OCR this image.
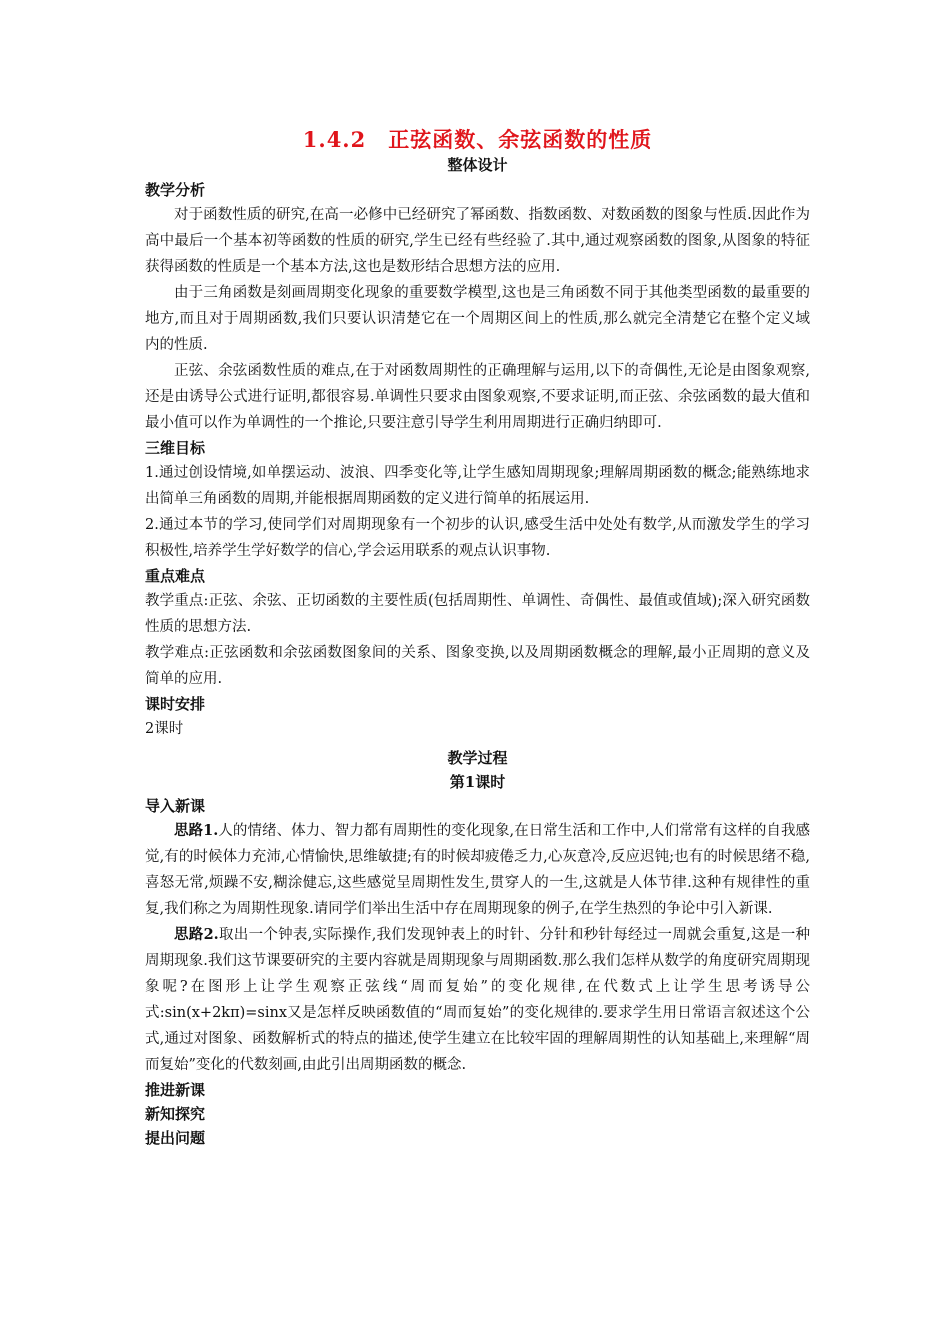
1.4.2　正弦函数、余弦函数的性质
整体设计
教学分析

对于函数性质的研究,在高一必修中已经研究了幂函数、指数函数、对数函数的图象与性质.因此作为高中最后一个基本初等函数的性质的研究,学生已经有些经验了.其中,通过观察函数的图象,从图象的特征获得函数的性质是一个基本方法,这也是数形结合思想方法的应用.

由于三角函数是刻画周期变化现象的重要数学模型,这也是三角函数不同于其他类型函数的最重要的地方,而且对于周期函数,我们只要认识清楚它在一个周期区间上的性质,那么就完全清楚它在整个定义域内的性质.

正弦、余弦函数性质的难点,在于对函数周期性的正确理解与运用,以下的奇偶性,无论是由图象观察,还是由诱导公式进行证明,都很容易.单调性只要求由图象观察,不要求证明,而正弦、余弦函数的最大值和最小值可以作为单调性的一个推论,只要注意引导学生利用周期进行正确归纳即可.

三维目标

1.通过创设情境,如单摆运动、波浪、四季变化等,让学生感知周期现象;理解周期函数的概念;能熟练地求出简单三角函数的周期,并能根据周期函数的定义进行简单的拓展运用.

2.通过本节的学习,使同学们对周期现象有一个初步的认识,感受生活中处处有数学,从而激发学生的学习积极性,培养学生学好数学的信心,学会运用联系的观点认识事物.

重点难点

教学重点:正弦、余弦、正切函数的主要性质(包括周期性、单调性、奇偶性、最值或值域);深入研究函数性质的思想方法.

教学难点:正弦函数和余弦函数图象间的关系、图象变换,以及周期函数概念的理解,最小正周期的意义及简单的应用.

课时安排

2课时

教学过程
第1课时
导入新课

思路1.人的情绪、体力、智力都有周期性的变化现象,在日常生活和工作中,人们常常有这样的自我感觉,有的时候体力充沛,心情愉快,思维敏捷;有的时候却疲倦乏力,心灰意冷,反应迟钝;也有的时候思绪不稳,喜怒无常,烦躁不安,糊涂健忘,这些感觉呈周期性发生,贯穿人的一生,这就是人体节律.这种有规律性的重复,我们称之为周期性现象.请同学们举出生活中存在周期现象的例子,在学生热烈的争论中引入新课.

思路2.取出一个钟表,实际操作,我们发现钟表上的时针、分针和秒针每经过一周就会重复,这是一种周期现象.我们这节课要研究的主要内容就是周期现象与周期函数.那么我们怎样从数学的角度研究周期现象呢?在图形上让学生观察正弦线“周而复始”的变化规律,在代数式上让学生思考诱导公式:sin(x+2kπ)=sinx又是怎样反映函数值的“周而复始”的变化规律的.要求学生用日常语言叙述这个公式,通过对图象、函数解析式的特点的描述,使学生建立在比较牢固的理解周期性的认知基础上,来理解“周而复始”变化的代数刻画,由此引出周期函数的概念.

推进新课
新知探究
提出问题
